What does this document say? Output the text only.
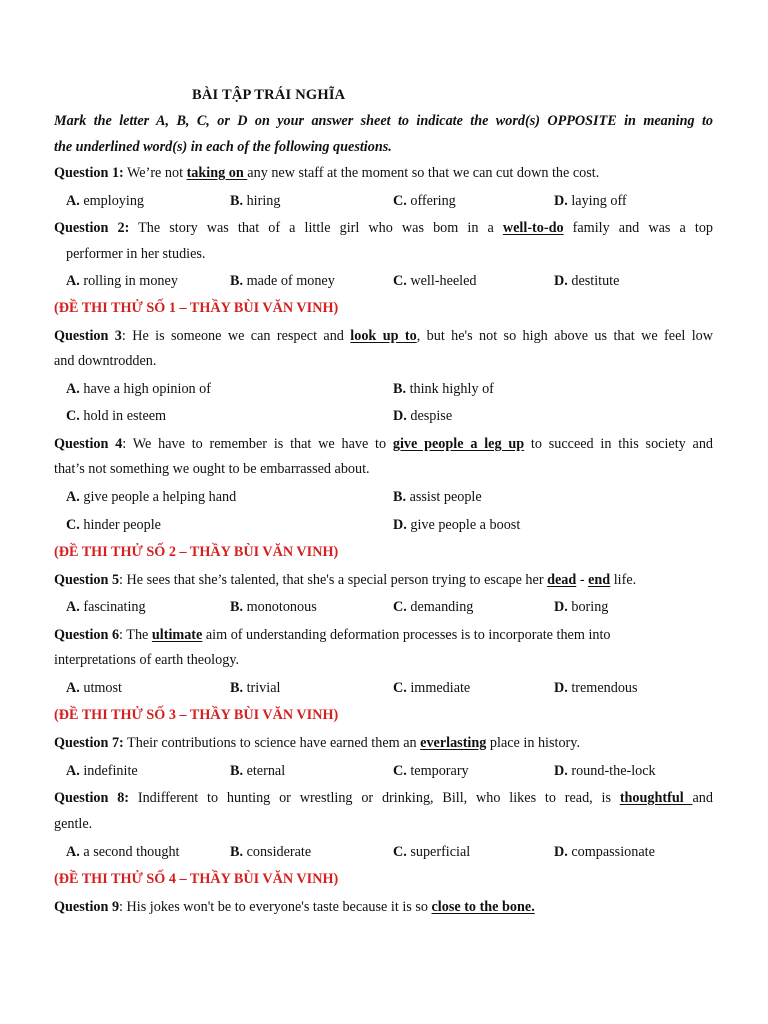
BÀI TẬP TRÁI NGHĨA
Mark the letter A, B, C, or D on your answer sheet to indicate the word(s) OPPOSITE in meaning to
the underlined word(s) in each of the following questions.
Question 1: We’re not taking on any new staff at the moment so that we can cut down the cost.
A. employing	B. hiring	C. offering	D. laying off
Question 2: The story was that of a little girl who was bom in a well-to-do family and was a top
performer in her studies.
A. rolling in money	B. made of money	C. well-heeled	D. destitute
(ĐỀ THI THỬ SỐ 1 – THẦY BÙI VĂN VINH)
Question 3: He is someone we can respect and look up to, but he's not so high above us that we feel low
and downtrodden.
A. have a high opinion of	B. think highly of
C. hold in esteem	D. despise
Question 4: We have to remember is that we have to give people a leg up to succeed in this society and
that’s not something we ought to be embarrassed about.
A. give people a helping hand	B. assist people
C. hinder people	D. give people a boost
(ĐỀ THI THỬ SỐ 2 – THẦY BÙI VĂN VINH)
Question 5: He sees that she’s talented, that she's a special person trying to escape her dead - end life.
A. fascinating	B. monotonous	C. demanding	D. boring
Question 6: The ultimate aim of understanding deformation processes is to incorporate them into
interpretations of earth theology.
A. utmost	B. trivial	C. immediate	D. tremendous
(ĐỀ THI THỬ SỐ 3 – THẦY BÙI VĂN VINH)
Question 7: Their contributions to science have earned them an everlasting place in history.
A. indefinite	B. eternal	C. temporary	D. round-the-lock
Question 8: Indifferent to hunting or wrestling or drinking, Bill, who likes to read, is thoughtful and
gentle.
A. a second thought	B. considerate	C. superficial	D. compassionate
(ĐỀ THI THỬ SỐ 4 – THẦY BÙI VĂN VINH)
Question 9: His jokes won't be to everyone's taste because it is so close to the bone.
